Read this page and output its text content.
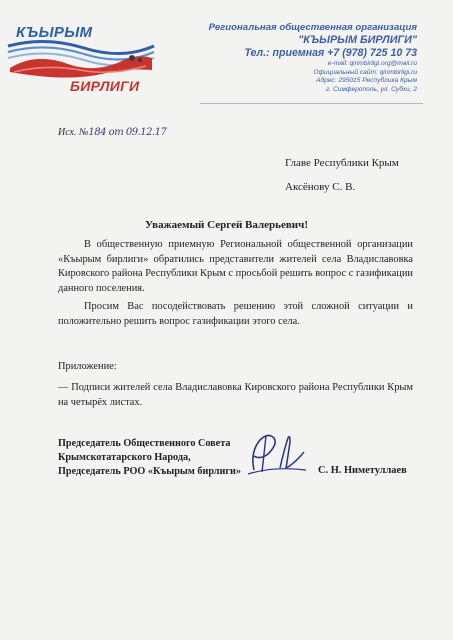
КЪЫРЫМ
БИРЛИГИ
Региональная общественная организация
"КЪЫРЫМ БИРЛИГИ"
Тел.: приемная +7 (978) 725 10 73
e-mail: qirimbirligi.org@mail.ru
Официальный сайт: qirimbirligi.ru
Адрес: 295015 Республика Крым
г. Симферополь, ул. Субхи, 2
Исх. №184 от 09.12.17
Главе Республики Крым
Аксёнову С. В.
Уважаемый Сергей Валерьевич!

В общественную приемную Региональной общественной организации «Къырым бирлиги» обратились представители жителей села Владиславовка Кировского района Республики Крым с просьбой решить вопрос с газификации данного поселения.

Просим Вас посодействовать решению этой сложной ситуации и положительно решить вопрос газификации этого села.

Приложение:

— Подписи жителей села Владиславовка Кировского района Республики Крым на четырёх листах.

Председатель Общественного Совета
Крымскотатарского Народа,
Председатель РОО «Къырым бирлиги»	С. Н. Ниметуллаев
